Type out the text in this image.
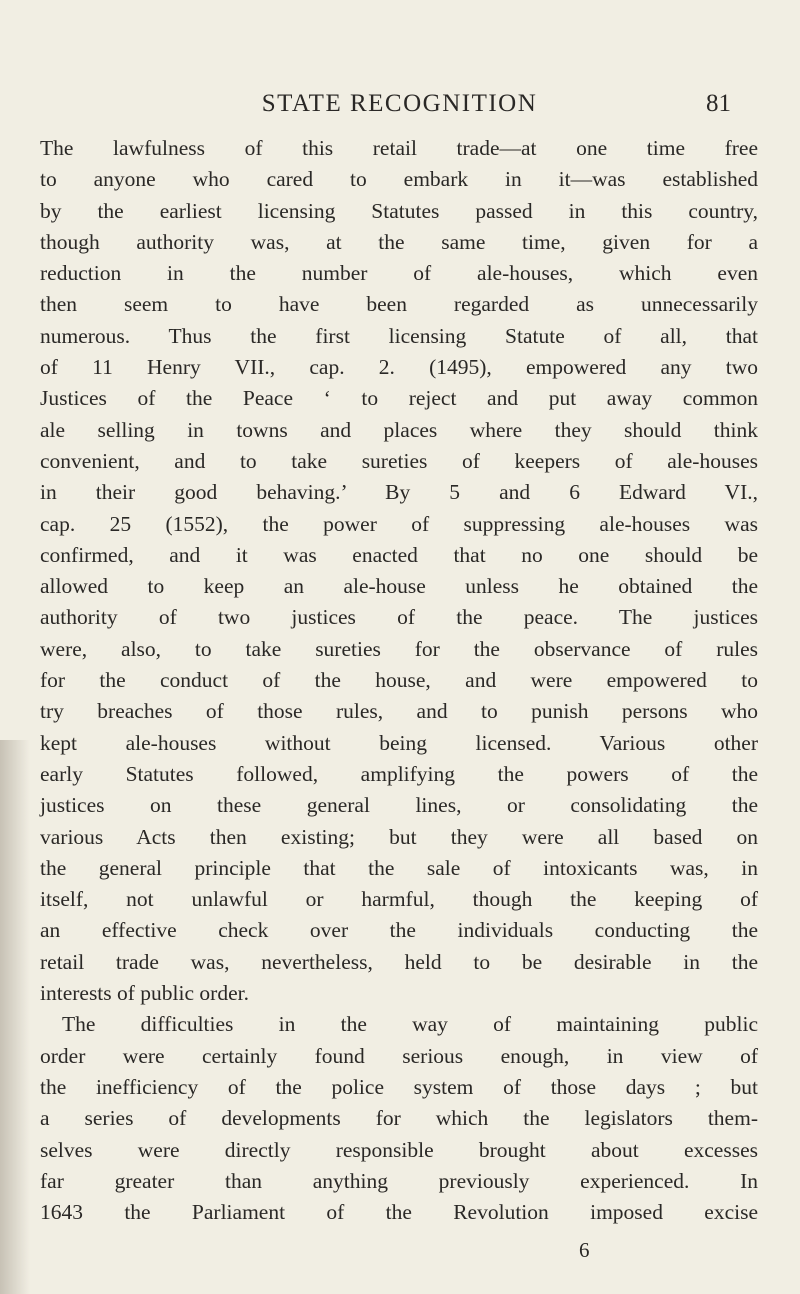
STATE RECOGNITION	81

The lawfulness of this retail trade—at one time free
to anyone who cared to embark in it—was established
by the earliest licensing Statutes passed in this country,
though authority was, at the same time, given for a
reduction in the number of ale-houses, which even
then seem to have been regarded as unnecessarily
numerous. Thus the first licensing Statute of all, that
of 11 Henry VII., cap. 2. (1495), empowered any two
Justices of the Peace ‘ to reject and put away common
ale selling in towns and places where they should think
convenient, and to take sureties of keepers of ale-houses
in their good behaving.’ By 5 and 6 Edward VI.,
cap. 25 (1552), the power of suppressing ale-houses was
confirmed, and it was enacted that no one should be
allowed to keep an ale-house unless he obtained the
authority of two justices of the peace. The justices
were, also, to take sureties for the observance of rules
for the conduct of the house, and were empowered to
try breaches of those rules, and to punish persons who
kept ale-houses without being licensed. Various other
early Statutes followed, amplifying the powers of the
justices on these general lines, or consolidating the
various Acts then existing; but they were all based on
the general principle that the sale of intoxicants was, in
itself, not unlawful or harmful, though the keeping of
an effective check over the individuals conducting the
retail trade was, nevertheless, held to be desirable in the
interests of public order.

The difficulties in the way of maintaining public
order were certainly found serious enough, in view of
the inefficiency of the police system of those days ; but
a series of developments for which the legislators them-
selves were directly responsible brought about excesses
far greater than anything previously experienced. In
1643 the Parliament of the Revolution imposed excise

6
